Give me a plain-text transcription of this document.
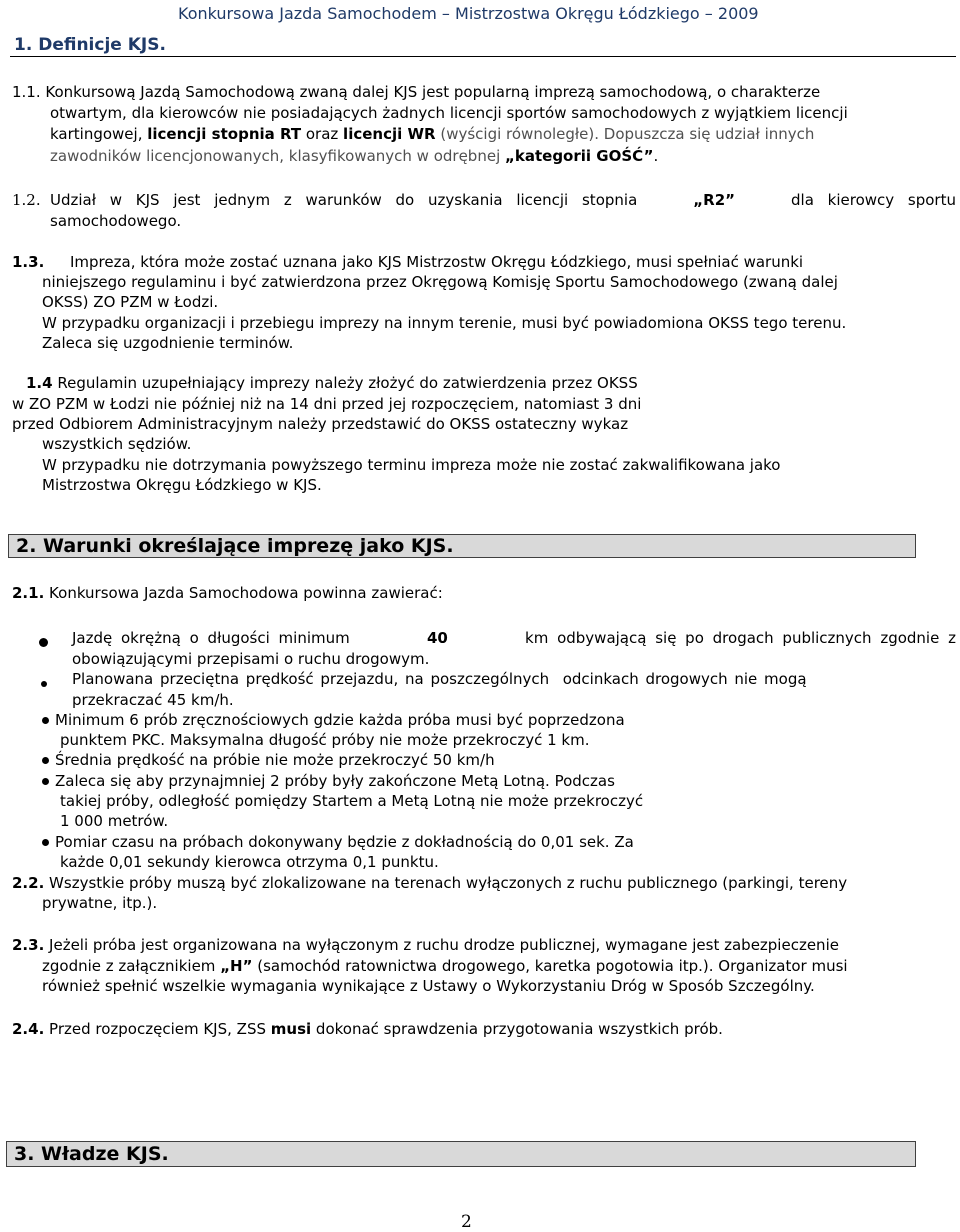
Konkursowa Jazda Samochodem – Mistrzostwa Okręgu Łódzkiego – 2009
1. Definicje KJS.
1.1. Konkursową Jazdą Samochodową zwaną dalej KJS jest popularną imprezą samochodową, o charakterze
otwartym, dla kierowców nie posiadających żadnych licencji sportów samochodowych z wyjątkiem licencji
kartingowej, licencji stopnia RT oraz licencji WR (wyścigi równoległe). Dopuszcza się udział innych
zawodników licencjonowanych, klasyfikowanych w odrębnej „kategorii GOŚĆ”.
1.2. Udział w KJS jest jednym z warunków do uzyskania licencji stopnia	„R2”	dla kierowcy sportu
samochodowego.
1.3. Impreza, która może zostać uznana jako KJS Mistrzostw Okręgu Łódzkiego, musi spełniać warunki
niniejszego regulaminu i być zatwierdzona przez Okręgową Komisję Sportu Samochodowego (zwaną dalej
OKSS) ZO PZM w Łodzi.
W przypadku organizacji i przebiegu imprezy na innym terenie, musi być powiadomiona OKSS tego terenu.
Zaleca się uzgodnienie terminów.
1.4 Regulamin uzupełniający imprezy należy złożyć do zatwierdzenia przez OKSS
w ZO PZM w Łodzi nie później niż na 14 dni przed jej rozpoczęciem, natomiast 3 dni
przed Odbiorem Administracyjnym należy przedstawić do OKSS ostateczny wykaz
wszystkich sędziów.
W przypadku nie dotrzymania powyższego terminu impreza może nie zostać zakwalifikowana jako
Mistrzostwa Okręgu Łódzkiego w KJS.
2. Warunki określające imprezę jako KJS.
2.1. Konkursowa Jazda Samochodowa powinna zawierać:
Jazdę okrężną o długości minimum	40	km odbywającą się po drogach publicznych zgodnie z
obowiązującymi przepisami o ruchu drogowym.
Planowana przeciętna prędkość przejazdu, na poszczególnych  odcinkach drogowych nie mogą
przekraczać 45 km/h.
Minimum 6 prób zręcznościowych gdzie każda próba musi być poprzedzona
punktem PKC. Maksymalna długość próby nie może przekroczyć 1 km.
Średnia prędkość na próbie nie może przekroczyć 50 km/h
Zaleca się aby przynajmniej 2 próby były zakończone Metą Lotną. Podczas
takiej próby, odległość pomiędzy Startem a Metą Lotną nie może przekroczyć
1 000 metrów.
Pomiar czasu na próbach dokonywany będzie z dokładnością do 0,01 sek. Za
każde 0,01 sekundy kierowca otrzyma 0,1 punktu.
2.2. Wszystkie próby muszą być zlokalizowane na terenach wyłączonych z ruchu publicznego (parkingi, tereny
prywatne, itp.).
2.3. Jeżeli próba jest organizowana na wyłączonym z ruchu drodze publicznej, wymagane jest zabezpieczenie
zgodnie z załącznikiem „H” (samochód ratownictwa drogowego, karetka pogotowia itp.). Organizator musi
również spełnić wszelkie wymagania wynikające z Ustawy o Wykorzystaniu Dróg w Sposób Szczególny.
2.4. Przed rozpoczęciem KJS, ZSS musi dokonać sprawdzenia przygotowania wszystkich prób.
3. Władze KJS.
2
